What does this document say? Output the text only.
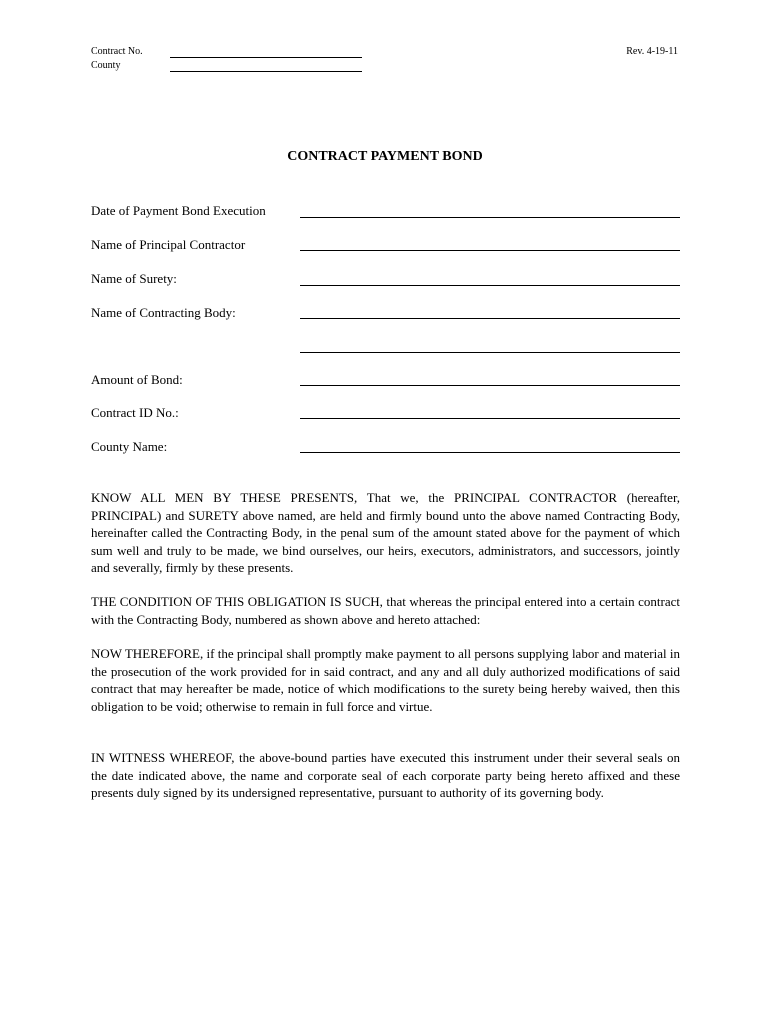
Contract No.
County
Rev. 4-19-11
CONTRACT PAYMENT BOND
Date of Payment Bond Execution
Name of Principal Contractor
Name of Surety:
Name of Contracting Body:
Amount of Bond:
Contract ID No.:
County Name:

KNOW ALL MEN BY THESE PRESENTS, That we, the PRINCIPAL CONTRACTOR (hereafter, PRINCIPAL) and SURETY above named, are held and firmly bound unto the above named Contracting Body, hereinafter called the Contracting Body, in the penal sum of the amount stated above for the payment of which sum well and truly to be made, we bind ourselves, our heirs, executors, administrators, and successors, jointly and severally, firmly by these presents.

THE CONDITION OF THIS OBLIGATION IS SUCH, that whereas the principal entered into a certain contract with the Contracting Body, numbered as shown above and hereto attached:

NOW THEREFORE, if the principal shall promptly make payment to all persons supplying labor and material in the prosecution of the work provided for in said contract, and any and all duly authorized modifications of said contract that may hereafter be made, notice of which modifications to the surety being hereby waived, then this obligation to be void; otherwise to remain in full force and virtue.

IN WITNESS WHEREOF, the above-bound parties have executed this instrument under their several seals on the date indicated above, the name and corporate seal of each corporate party being hereto affixed and these presents duly signed by its undersigned representative, pursuant to authority of its governing body.
